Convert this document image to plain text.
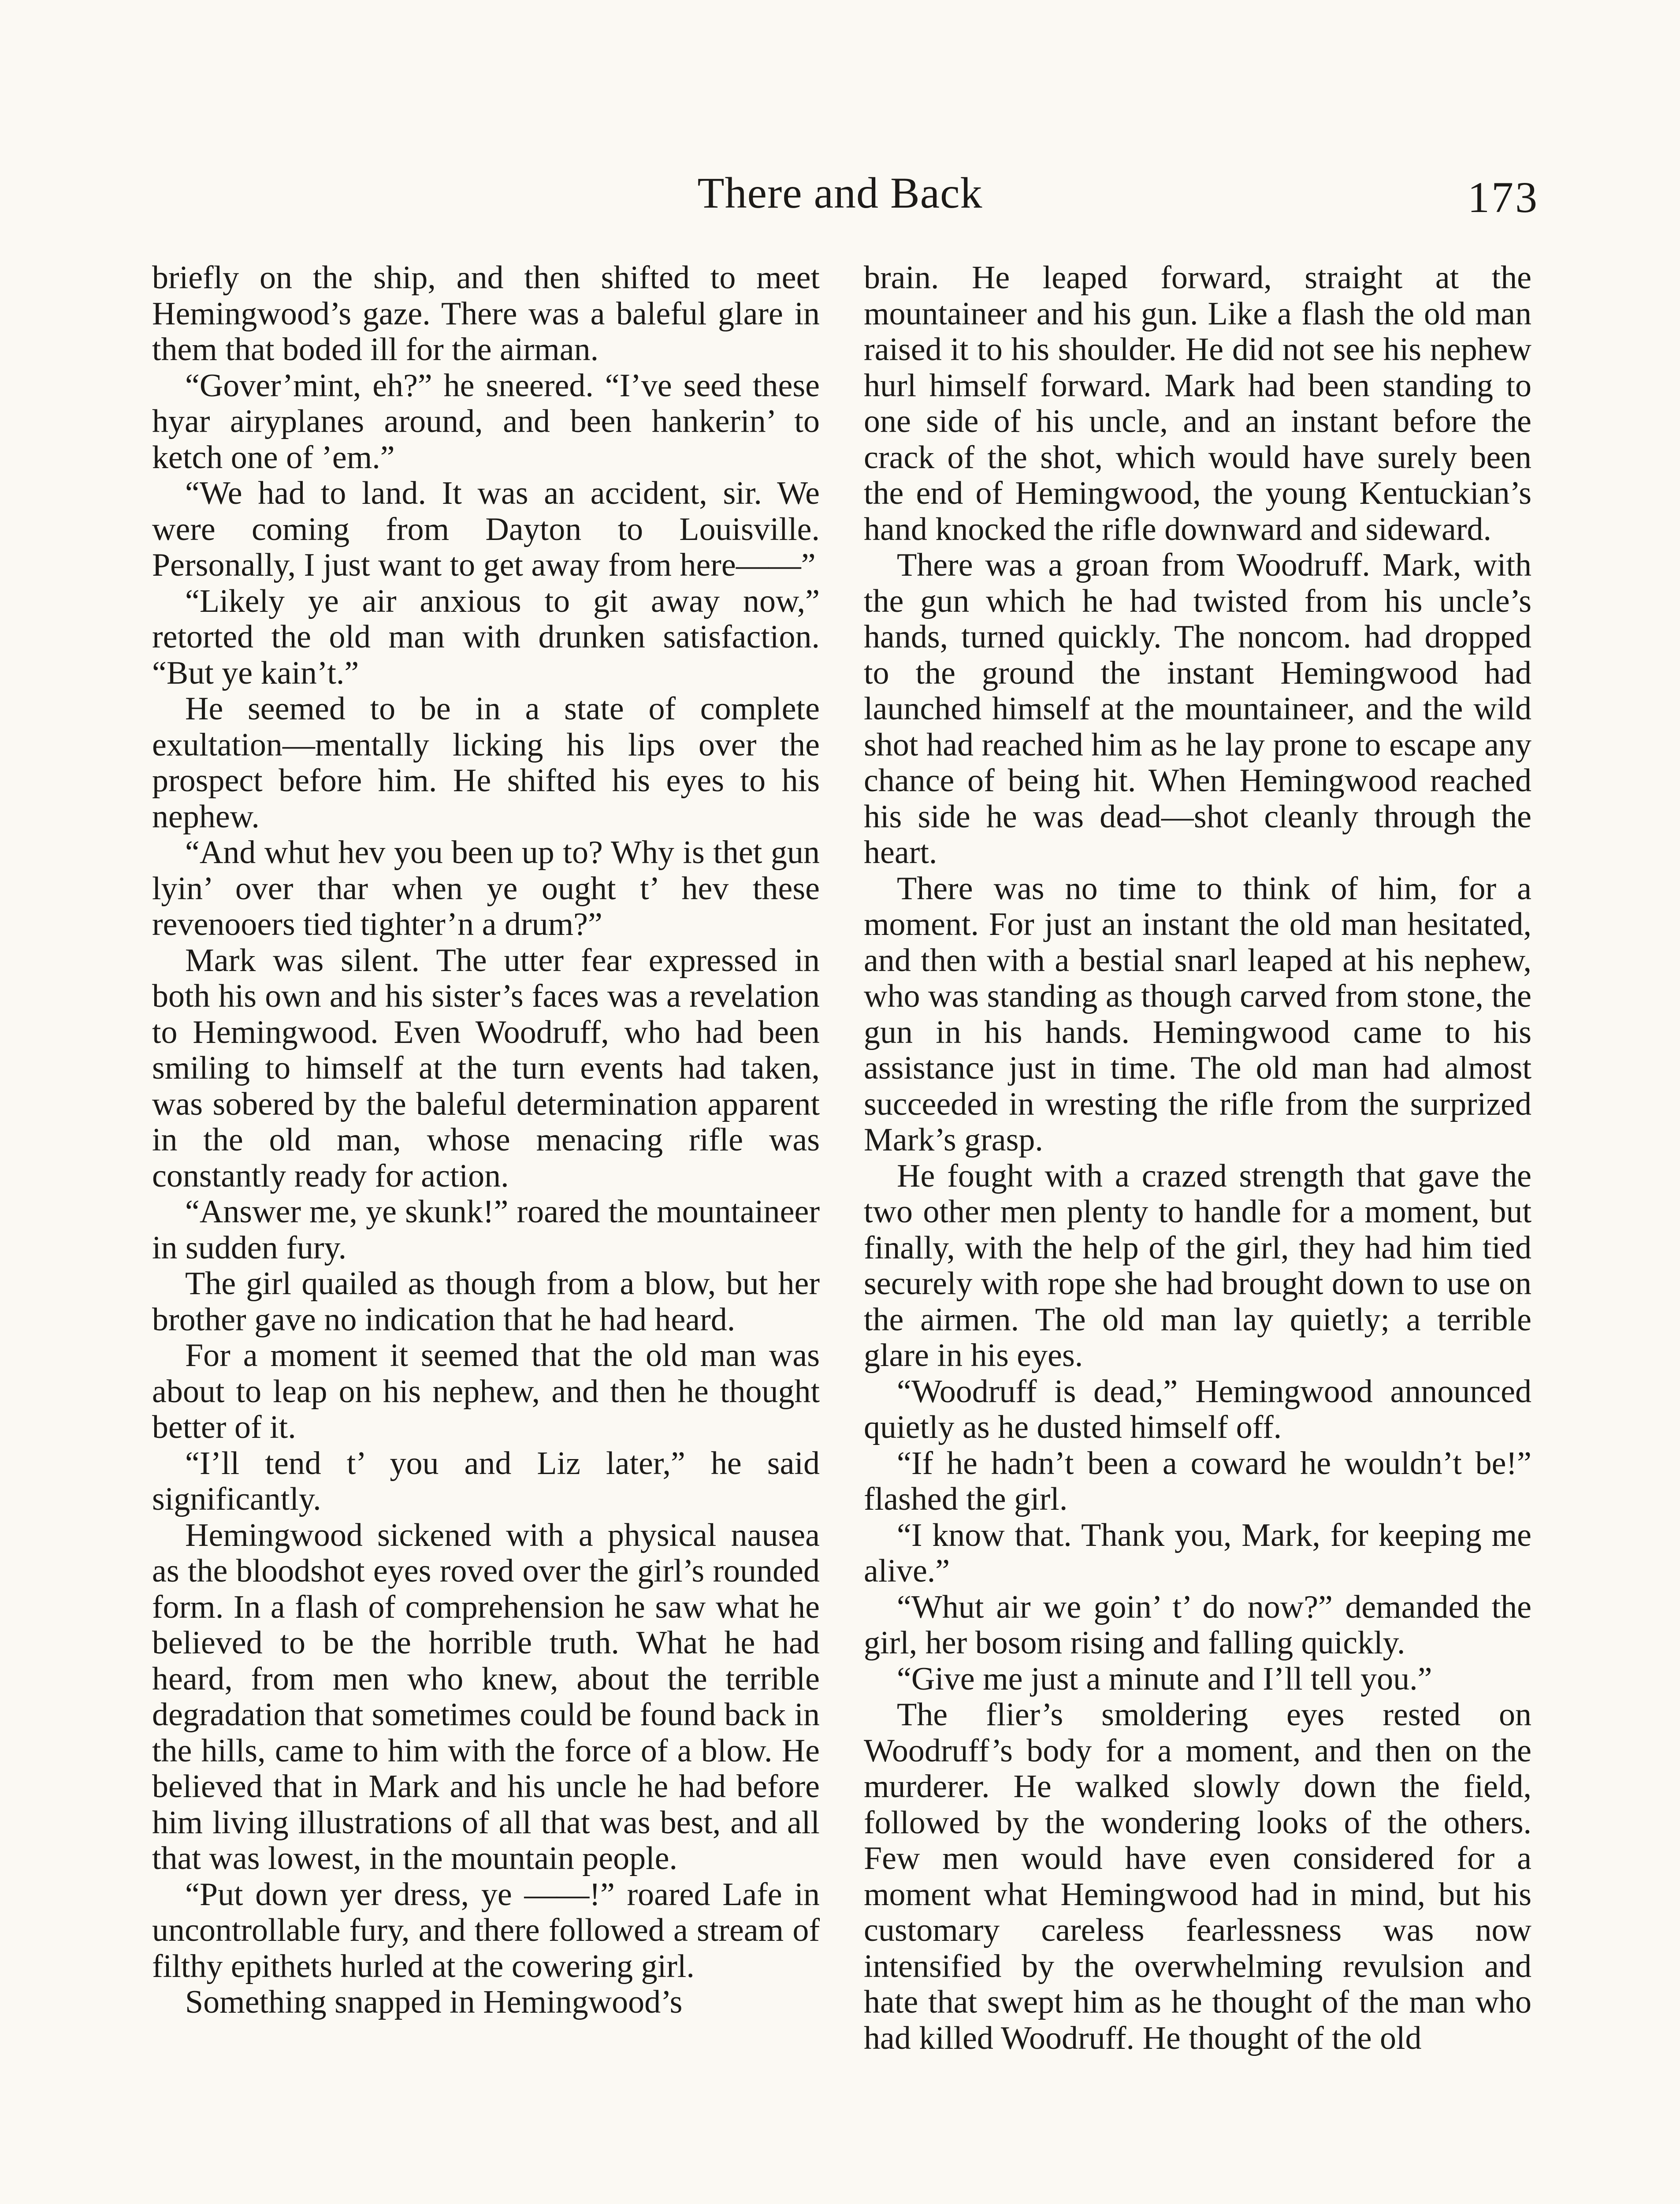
There and Back	173

briefly on the ship, and then shifted to meet Hemingwood’s gaze. There was a baleful glare in them that boded ill for the airman.

“Gover’mint, eh?” he sneered. “I’ve seed these hyar airyplanes around, and been hankerin’ to ketch one of ’em.”

“We had to land. It was an accident, sir. We were coming from Dayton to Louisville. Personally, I just want to get away from here——”

“Likely ye air anxious to git away now,” retorted the old man with drunken satisfaction. “But ye kain’t.”

He seemed to be in a state of complete exultation—mentally licking his lips over the prospect before him. He shifted his eyes to his nephew.

“And whut hev you been up to? Why is thet gun lyin’ over thar when ye ought t’ hev these revenooers tied tighter’n a drum?”

Mark was silent. The utter fear expressed in both his own and his sister’s faces was a revelation to Hemingwood. Even Woodruff, who had been smiling to himself at the turn events had taken, was sobered by the baleful determination apparent in the old man, whose menacing rifle was constantly ready for action.

“Answer me, ye skunk!” roared the mountaineer in sudden fury.

The girl quailed as though from a blow, but her brother gave no indication that he had heard.

For a moment it seemed that the old man was about to leap on his nephew, and then he thought better of it.

“I’ll tend t’ you and Liz later,” he said significantly.

Hemingwood sickened with a physical nausea as the bloodshot eyes roved over the girl’s rounded form. In a flash of comprehension he saw what he believed to be the horrible truth. What he had heard, from men who knew, about the terrible degradation that sometimes could be found back in the hills, came to him with the force of a blow. He believed that in Mark and his uncle he had before him living illustrations of all that was best, and all that was lowest, in the mountain people.

“Put down yer dress, ye ——!” roared Lafe in uncontrollable fury, and there followed a stream of filthy epithets hurled at the cowering girl.

Something snapped in Hemingwood’s

brain. He leaped forward, straight at the mountaineer and his gun. Like a flash the old man raised it to his shoulder. He did not see his nephew hurl himself forward. Mark had been standing to one side of his uncle, and an instant before the crack of the shot, which would have surely been the end of Hemingwood, the young Kentuckian’s hand knocked the rifle downward and sideward.

There was a groan from Woodruff. Mark, with the gun which he had twisted from his uncle’s hands, turned quickly. The noncom. had dropped to the ground the instant Hemingwood had launched himself at the mountaineer, and the wild shot had reached him as he lay prone to escape any chance of being hit. When Hemingwood reached his side he was dead—shot cleanly through the heart.

There was no time to think of him, for a moment. For just an instant the old man hesitated, and then with a bestial snarl leaped at his nephew, who was standing as though carved from stone, the gun in his hands. Hemingwood came to his assistance just in time. The old man had almost succeeded in wresting the rifle from the surprized Mark’s grasp.

He fought with a crazed strength that gave the two other men plenty to handle for a moment, but finally, with the help of the girl, they had him tied securely with rope she had brought down to use on the airmen. The old man lay quietly; a terrible glare in his eyes.

“Woodruff is dead,” Hemingwood announced quietly as he dusted himself off.

“If he hadn’t been a coward he wouldn’t be!” flashed the girl.

“I know that. Thank you, Mark, for keeping me alive.”

“Whut air we goin’ t’ do now?” demanded the girl, her bosom rising and falling quickly.

“Give me just a minute and I’ll tell you.”

The flier’s smoldering eyes rested on Woodruff’s body for a moment, and then on the murderer. He walked slowly down the field, followed by the wondering looks of the others. Few men would have even considered for a moment what Hemingwood had in mind, but his customary careless fearlessness was now intensified by the overwhelming revulsion and hate that swept him as he thought of the man who had killed Woodruff. He thought of the old
